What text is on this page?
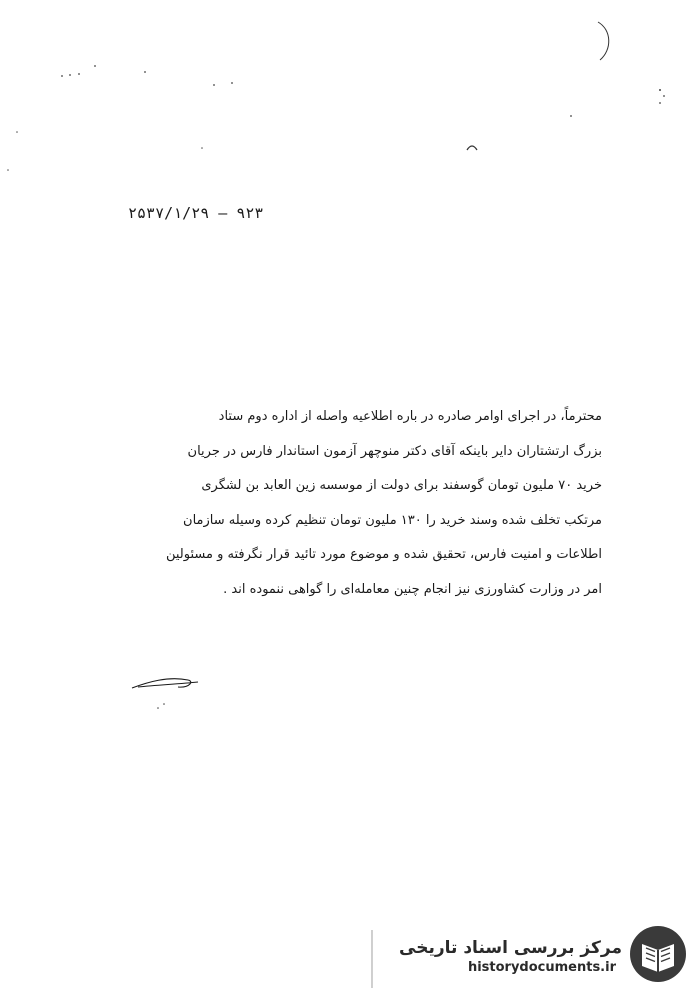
۲۵۳۷/۱/۲۹ — ۹۲۳
محترماً، در اجرای اوامر صادره در باره اطلاعیه واصله از اداره دوم ستاد
بزرگ ارتشتاران دایر باینکه آقای دکتر منوچهر آزمون استاندار فارس در جریان
خرید ۷۰ ملیون تومان گوسفند برای دولت از موسسه زین العابد بن لشگری
مرتکب تخلف شده وسند خرید را ۱۳۰ ملیون تومان تنظیم کرده وسیله سازمان
اطلاعات و امنیت فارس، تحقیق شده و موضوع مورد تائید قرار نگرفته و مسئولین
امر در وزارت کشاورزی نیز انجام چنین معامله‌ای را گواهی ننموده اند .
مرکز بررسی اسناد تاریخی
historydocuments.ir
